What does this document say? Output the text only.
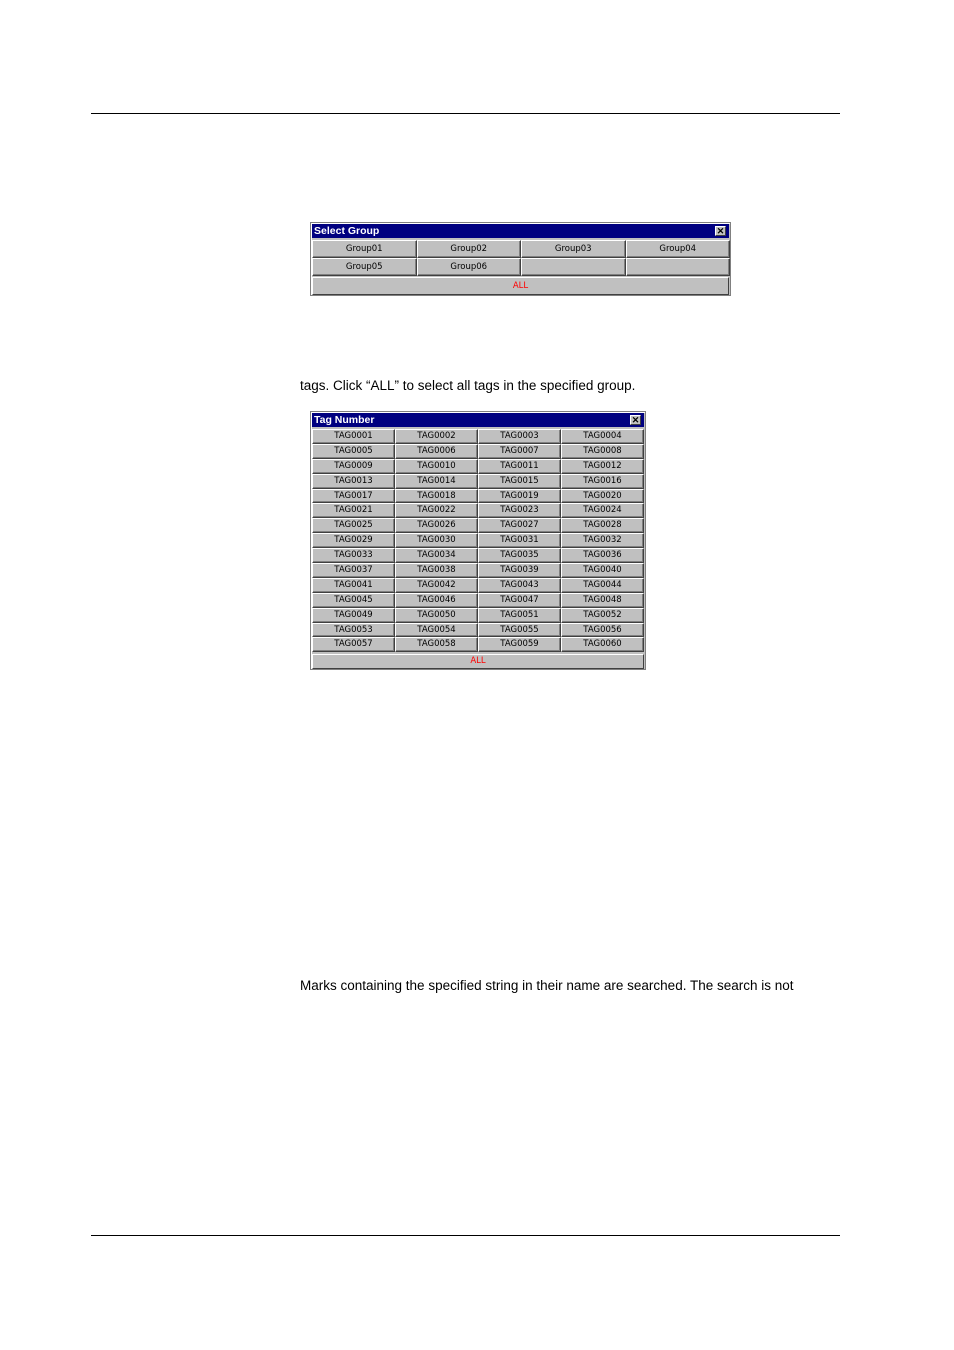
Select Group	✕
Group01	Group02	Group03	Group04
Group05	Group06
ALL
tags. Click “ALL” to select all tags in the specified group.
Tag Number	✕
TAG0001	TAG0002	TAG0003	TAG0004
TAG0005	TAG0006	TAG0007	TAG0008
TAG0009	TAG0010	TAG0011	TAG0012
TAG0013	TAG0014	TAG0015	TAG0016
TAG0017	TAG0018	TAG0019	TAG0020
TAG0021	TAG0022	TAG0023	TAG0024
TAG0025	TAG0026	TAG0027	TAG0028
TAG0029	TAG0030	TAG0031	TAG0032
TAG0033	TAG0034	TAG0035	TAG0036
TAG0037	TAG0038	TAG0039	TAG0040
TAG0041	TAG0042	TAG0043	TAG0044
TAG0045	TAG0046	TAG0047	TAG0048
TAG0049	TAG0050	TAG0051	TAG0052
TAG0053	TAG0054	TAG0055	TAG0056
TAG0057	TAG0058	TAG0059	TAG0060
ALL
Marks containing the specified string in their name are searched. The search is not
